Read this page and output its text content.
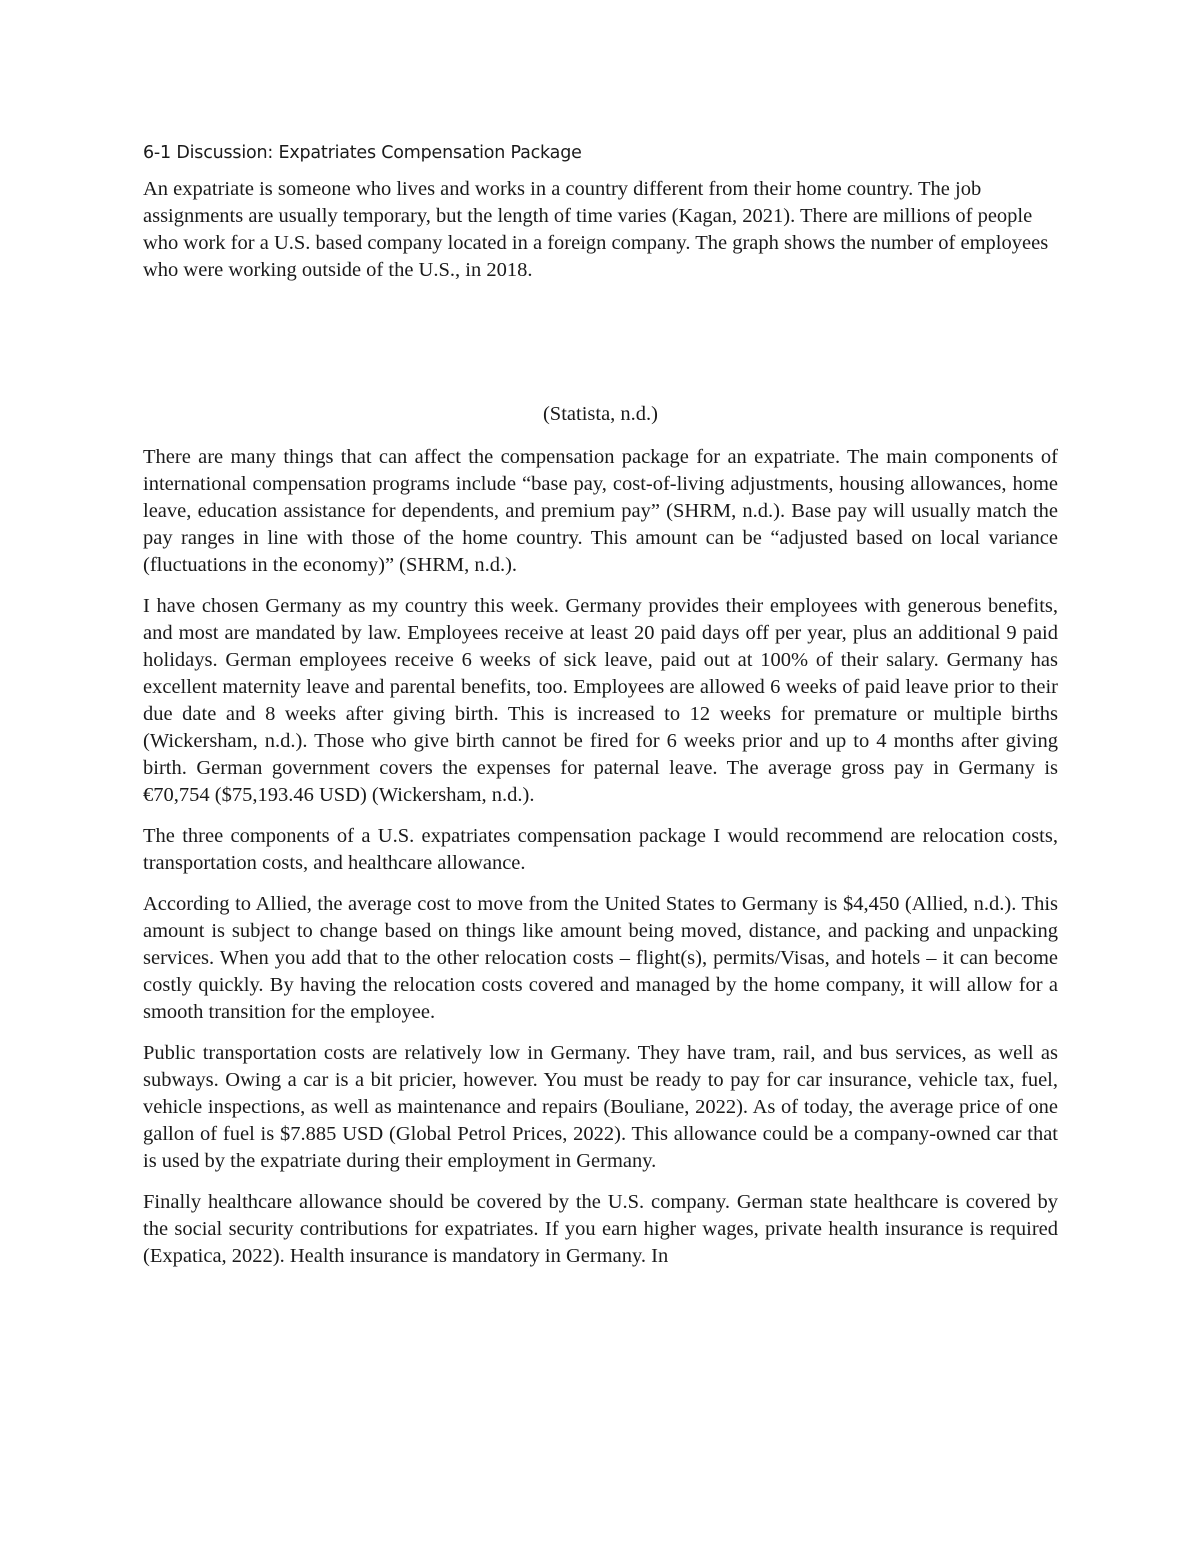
6-1 Discussion: Expatriates Compensation Package

An expatriate is someone who lives and works in a country different from their home country. The job assignments are usually temporary, but the length of time varies (Kagan, 2021). There are millions of people who work for a U.S. based company located in a foreign company. The graph shows the number of employees who were working outside of the U.S., in 2018.

(Statista, n.d.)

There are many things that can affect the compensation package for an expatriate. The main components of international compensation programs include “base pay, cost-of-living adjustments, housing allowances, home leave, education assistance for dependents, and premium pay” (SHRM, n.d.). Base pay will usually match the pay ranges in line with those of the home country. This amount can be “adjusted based on local variance (fluctuations in the economy)” (SHRM, n.d.).

I have chosen Germany as my country this week. Germany provides their employees with generous benefits, and most are mandated by law. Employees receive at least 20 paid days off per year, plus an additional 9 paid holidays. German employees receive 6 weeks of sick leave, paid out at 100% of their salary. Germany has excellent maternity leave and parental benefits, too. Employees are allowed 6 weeks of paid leave prior to their due date and 8 weeks after giving birth. This is increased to 12 weeks for premature or multiple births (Wickersham, n.d.). Those who give birth cannot be fired for 6 weeks prior and up to 4 months after giving birth. German government covers the expenses for paternal leave. The average gross pay in Germany is €70,754 ($75,193.46 USD) (Wickersham, n.d.).

The three components of a U.S. expatriates compensation package I would recommend are relocation costs, transportation costs, and healthcare allowance.

According to Allied, the average cost to move from the United States to Germany is $4,450 (Allied, n.d.). This amount is subject to change based on things like amount being moved, distance, and packing and unpacking services. When you add that to the other relocation costs – flight(s), permits/Visas, and hotels – it can become costly quickly. By having the relocation costs covered and managed by the home company, it will allow for a smooth transition for the employee.

Public transportation costs are relatively low in Germany. They have tram, rail, and bus services, as well as subways. Owing a car is a bit pricier, however. You must be ready to pay for car insurance, vehicle tax, fuel, vehicle inspections, as well as maintenance and repairs (Bouliane, 2022). As of today, the average price of one gallon of fuel is $7.885 USD (Global Petrol Prices, 2022). This allowance could be a company-owned car that is used by the expatriate during their employment in Germany.

Finally healthcare allowance should be covered by the U.S. company. German state healthcare is covered by the social security contributions for expatriates. If you earn higher wages, private health insurance is required (Expatica, 2022). Health insurance is mandatory in Germany. In
